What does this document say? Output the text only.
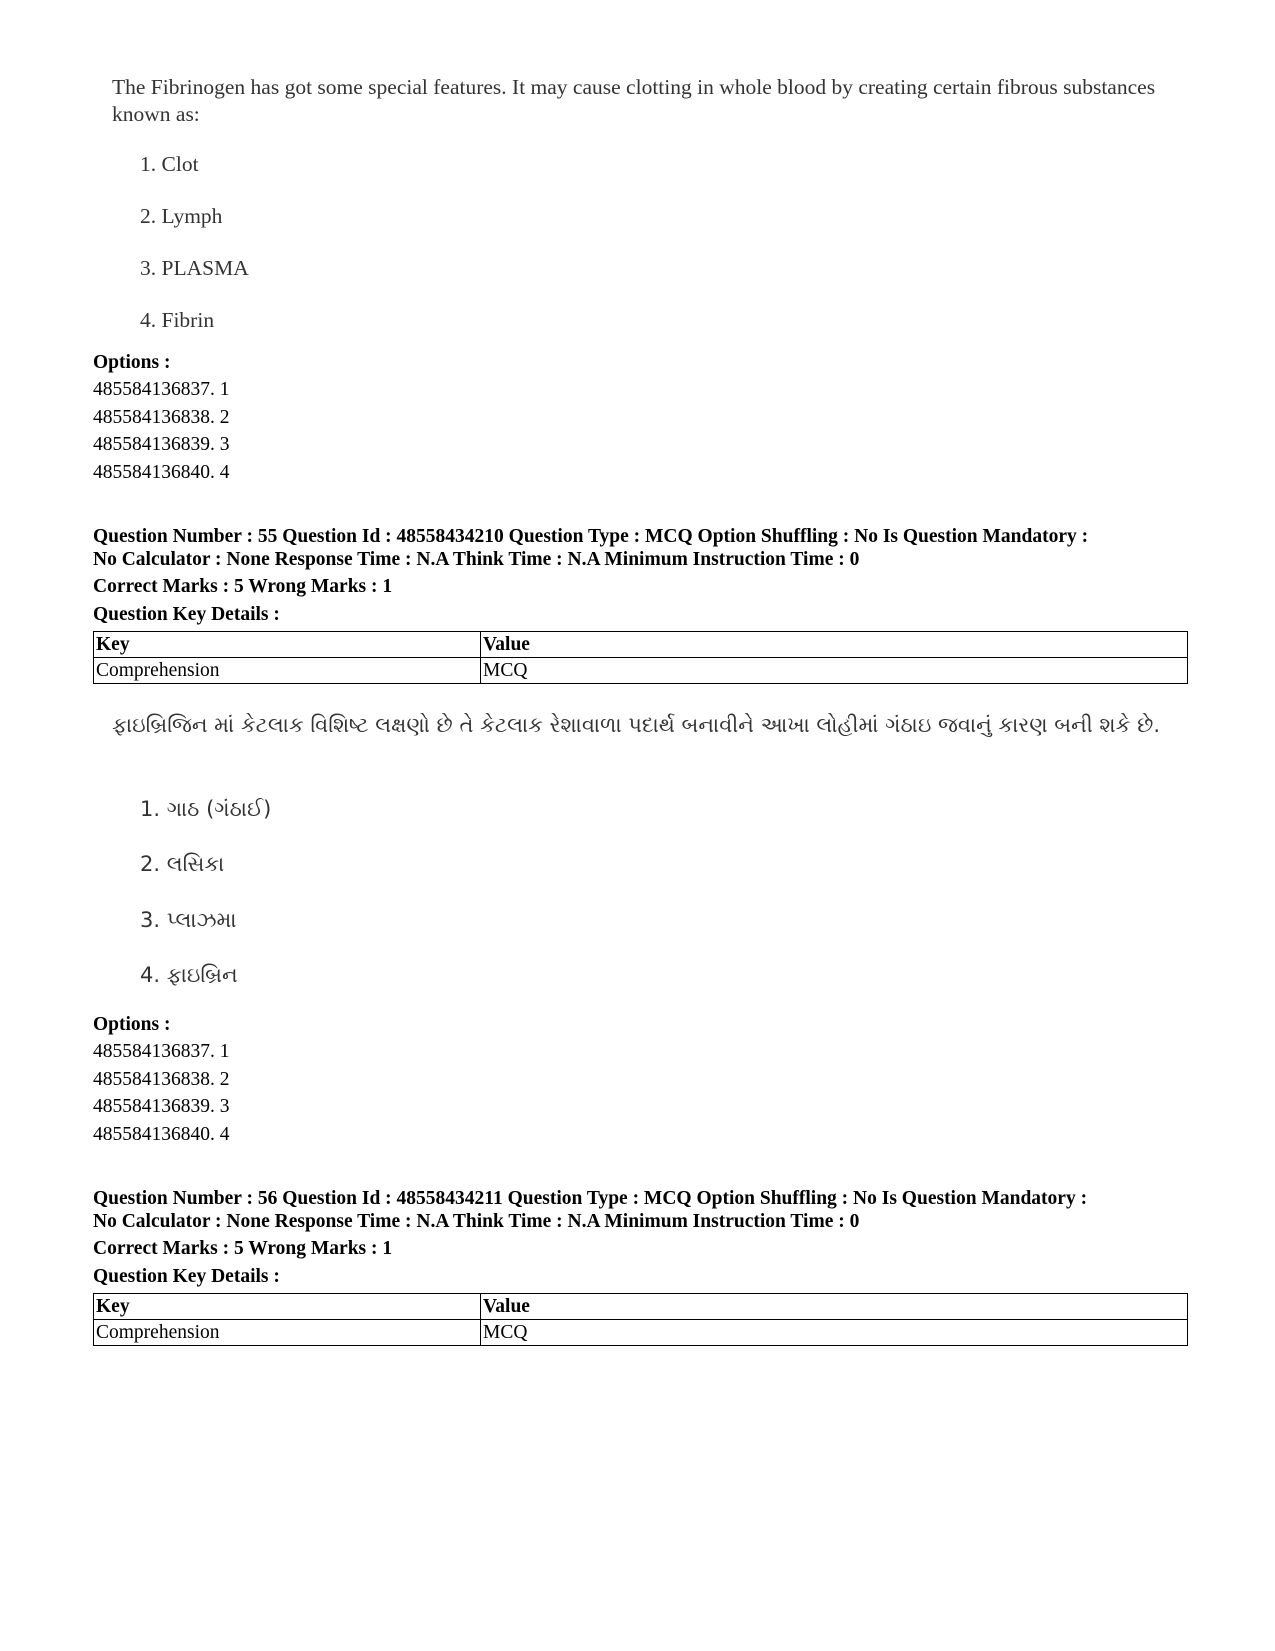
The Fibrinogen has got some special features. It may cause clotting in whole blood by creating certain fibrous substances known as:
1. Clot
2. Lymph
3. PLASMA
4. Fibrin
Options :
485584136837. 1
485584136838. 2
485584136839. 3
485584136840. 4
Question Number : 55 Question Id : 48558434210 Question Type : MCQ Option Shuffling : No Is Question Mandatory :
No Calculator : None Response Time : N.A Think Time : N.A Minimum Instruction Time : 0
Correct Marks : 5 Wrong Marks : 1
Question Key Details :
Key	Value
Comprehension	MCQ
ફાઇબ્રિજિન માં કેટલાક વિશિષ્ટ લક્ષણો છે તે કેટલાક રેશાવાળા પદાર્થ બનાવીને આખા લોહીમાં ગંઠાઇ જવાનું કારણ બની શકે છે.
1. ગાઠ (ગંઠાઈ)
2. લસિકા
3. પ્લાઝમા
4. ફાઇબ્રિન
Options :
485584136837. 1
485584136838. 2
485584136839. 3
485584136840. 4
Question Number : 56 Question Id : 48558434211 Question Type : MCQ Option Shuffling : No Is Question Mandatory :
No Calculator : None Response Time : N.A Think Time : N.A Minimum Instruction Time : 0
Correct Marks : 5 Wrong Marks : 1
Question Key Details :
Key	Value
Comprehension	MCQ
